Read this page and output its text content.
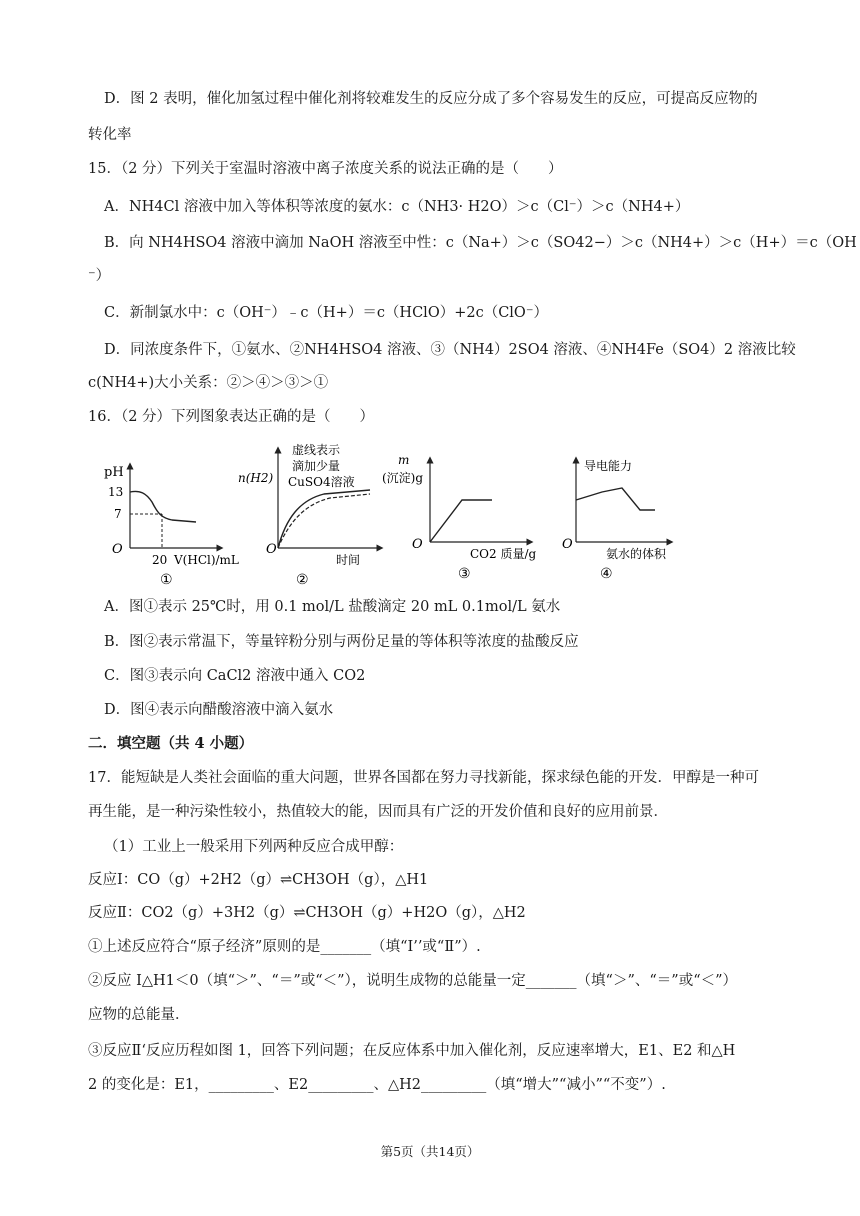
D．图 2 表明，催化加氢过程中催化剂将较难发生的反应分成了多个容易发生的反应，可提高反应物的
转化率
15．（2 分）下列关于室温时溶液中离子浓度关系的说法正确的是（　　）
A．NH4Cl 溶液中加入等体积等浓度的氨水：c（NH3· H2O）＞c（Cl⁻）＞c（NH4+）
B．向 NH4HSO4 溶液中滴加 NaOH 溶液至中性：c（Na+）＞c（SO42−）＞c（NH4+）＞c（H+）＝c（OH
⁻）
C．新制氯水中：c（OH⁻）﹣c（H+）＝c（HClO）+2c（ClO⁻）
D．同浓度条件下，①氨水、②NH4HSO4 溶液、③（NH4）2SO4 溶液、④NH4Fe（SO4）2 溶液比较
c(NH4+)大小关系：②＞④＞③＞①
16．（2 分）下列图象表达正确的是（　　）
pH
13
7
O
20 V(HCl)/mL
①
n(H2)
虚线表示
滴加少量
CuSO4溶液
O
时间
②
m
(沉淀)g
O
CO2 质量/g
③
导电能力
O
氨水的体积
④
A．图①表示 25℃时，用 0.1 mol/L 盐酸滴定 20 mL 0.1mol/L 氨水
B．图②表示常温下，等量锌粉分别与两份足量的等体积等浓度的盐酸反应
C．图③表示向 CaCl2 溶液中通入 CO2
D．图④表示向醋酸溶液中滴入氨水
二．填空题（共 4 小题）
17．能短缺是人类社会面临的重大问题，世界各国都在努力寻找新能，探求绿色能的开发．甲醇是一种可
再生能，是一种污染性较小，热值较大的能，因而具有广泛的开发价值和良好的应用前景．
（1）工业上一般采用下列两种反应合成甲醇：
反应Ⅰ：CO（g）+2H2（g）⇌CH3OH（g），△H1
反应Ⅱ：CO2（g）+3H2（g）⇌CH3OH（g）+H2O（g），△H2
①上述反应符合“原子经济”原则的是_______（填“I’’或“Ⅱ”）.
②反应 I△H1＜0（填“＞”、“＝”或“＜”），说明生成物的总能量一定_______（填“＞”、“＝”或“＜”）
应物的总能量．
③反应Ⅱ‘反应历程如图 1，回答下列问题；在反应体系中加入催化剂，反应速率增大，E1、E2 和△H
2 的变化是：E1，_________、E2_________、△H2_________（填“增大”“减小”“不变”）.
第5页（共14页）
